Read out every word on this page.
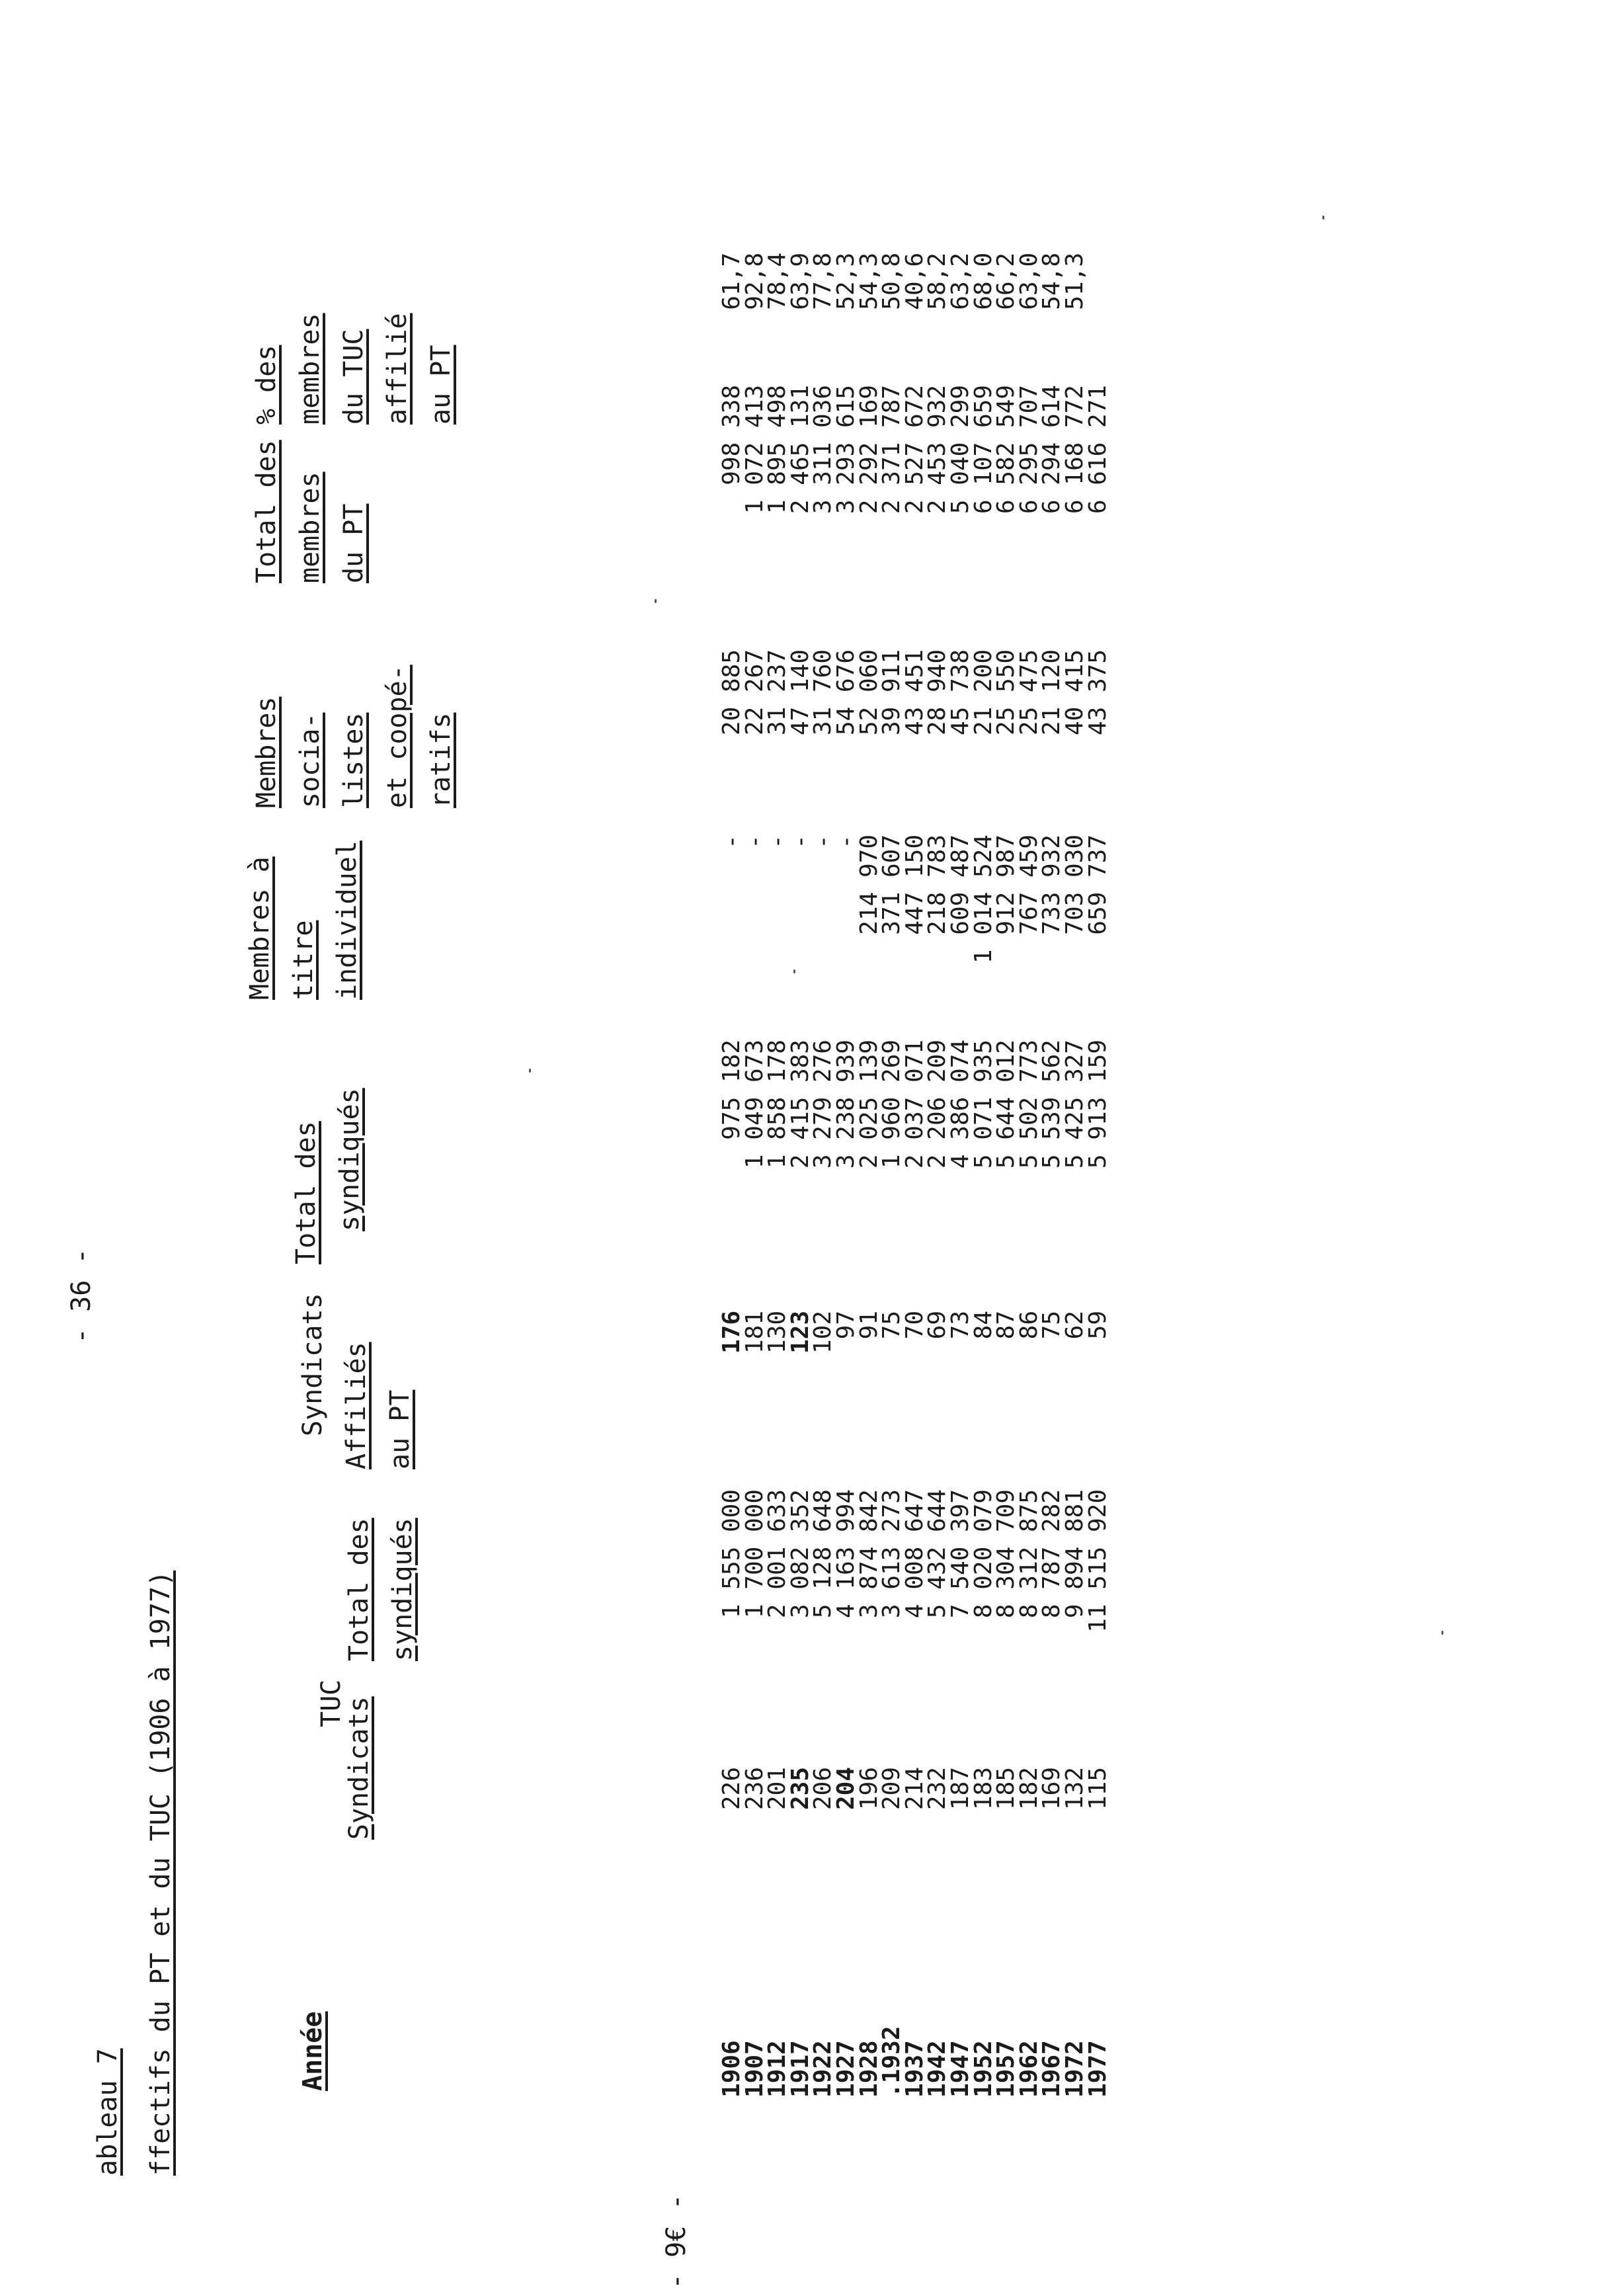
- 36 -
- 9€ -
ableau 7 ffectifs du PT et du TUC (1906 à 1977)	Année
TUC
Syndicats
Total des syndiqués
Syndicats Affiliés au PT
Total des syndiqués
Membres à titre individuel
Membres socia- listes et coopé- ratifs
Total des membres du PT
% des membres du TUC affilié au PT
1906
1907
1912
1917
1922
1927
1928
.1932
1937
1942
1947
1952
1957
1962
1967
1972
1977
226
236
201
235
206
204
196
209
214
232
187
183
185
182
169
132
115
1 555 000
1 700 000
2 001 633
3 082 352
5 128 648
4 163 994
3 874 842
3 613 273
4 008 647
5 432 644
7 540 397
8 020 079
8 304 709
8 312 875
8 787 282
9 894 881
11 515 920
176
181
130
123
102
97
91
75
70
69
73
84
87
86
75
62
59
975 182
1 049 673
1 858 178
2 415 383
3 279 276
3 238 939
2 025 139
1 960 269
2 037 071
2 206 209
4 386 074
5 071 935
5 644 012
5 502 773
5 539 562
5 425 327
5 913 159
-
-
-
-
-
-
214 970
371 607
447 150
218 783
609 487
1 014 524
912 987
767 459
733 932
703 030
659 737
20 885
22 267
31 237
47 140
31 760
54 676
52 060
39 911
43 451
28 940
45 738
21 200
25 550
25 475
21 120
40 415
43 375
998 338
1 072 413
1 895 498
2 465 131
3 311 036
3 293 615
2 292 169
2 371 787
2 527 672
2 453 932
5 040 299
6 107 659
6 582 549
6 295 707
6 294 614
6 168 772
6 616 271
61,7
92,8
78,4
63,9
77,8
52,3
54,3
50,8
40,6
58,2
63,2
68,0
66,2
63,0
54,8
51,3
